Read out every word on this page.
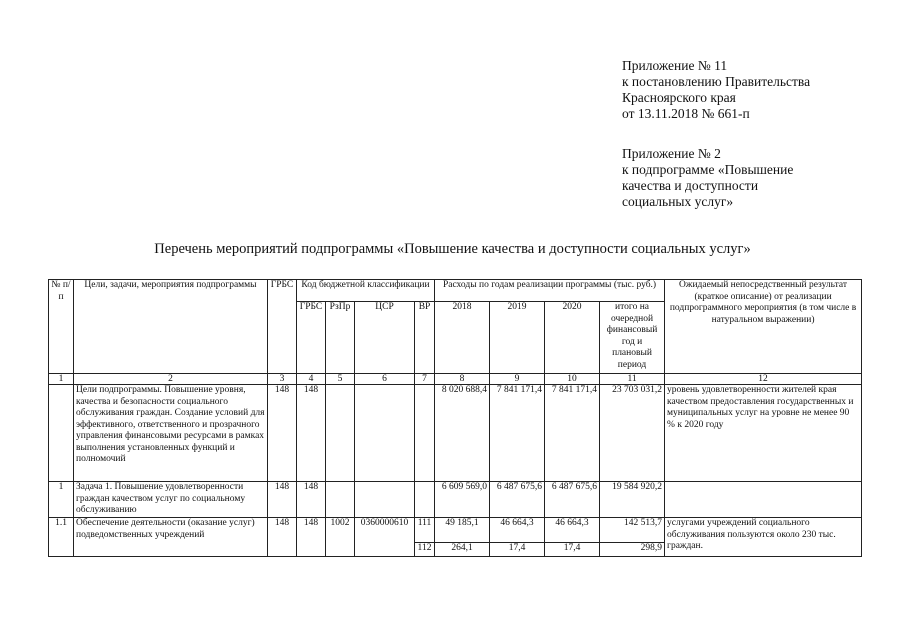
Приложение № 11
к постановлению Правительства
Красноярского края
от 13.11.2018 № 661-п
Приложение № 2
к подпрограмме «Повышение
качества и доступности
социальных услуг»
Перечень мероприятий подпрограммы «Повышение качества и доступности социальных услуг»
№ п/п	Цели, задачи, мероприятия подпрограммы	ГРБС	Код бюджетной классификации				Расходы по годам реализации программы (тыс. руб.)				Ожидаемый непосредственный результат (краткое описание) от реализации подпрограммного мероприятия (в том числе в натуральном выражении)
			ГРБС	РзПр	ЦСР	ВР	2018	2019	2020	итого на очередной финансовый год и плановый период	
1	2	3	4	5	6	7	8	9	10	11	12
	Цели подпрограммы. Повышение уровня, качества и безопасности социального обслуживания граждан. Создание условий для эффективного, ответственного и прозрачного управления финансовыми ресурсами в рамках выполнения установленных функций и полномочий	148	148				8 020 688,4	7 841 171,4	7 841 171,4	23 703 031,2	уровень удовлетворенности жителей края качеством предоставления государственных и муниципальных услуг на уровне не менее 90 % к 2020 году
1	Задача 1. Повышение удовлетворенности граждан качеством услуг по социальному обслуживанию	148	148				6 609 569,0	6 487 675,6	6 487 675,6	19 584 920,2	
1.1	Обеспечение деятельности (оказание услуг) подведомственных учреждений	148	148	1002	0360000610	111	49 185,1	46 664,3	46 664,3	142 513,7	услугами учреждений социального обслуживания пользуются около 230 тыс. граждан.
						112	264,1	17,4	17,4	298,9	
